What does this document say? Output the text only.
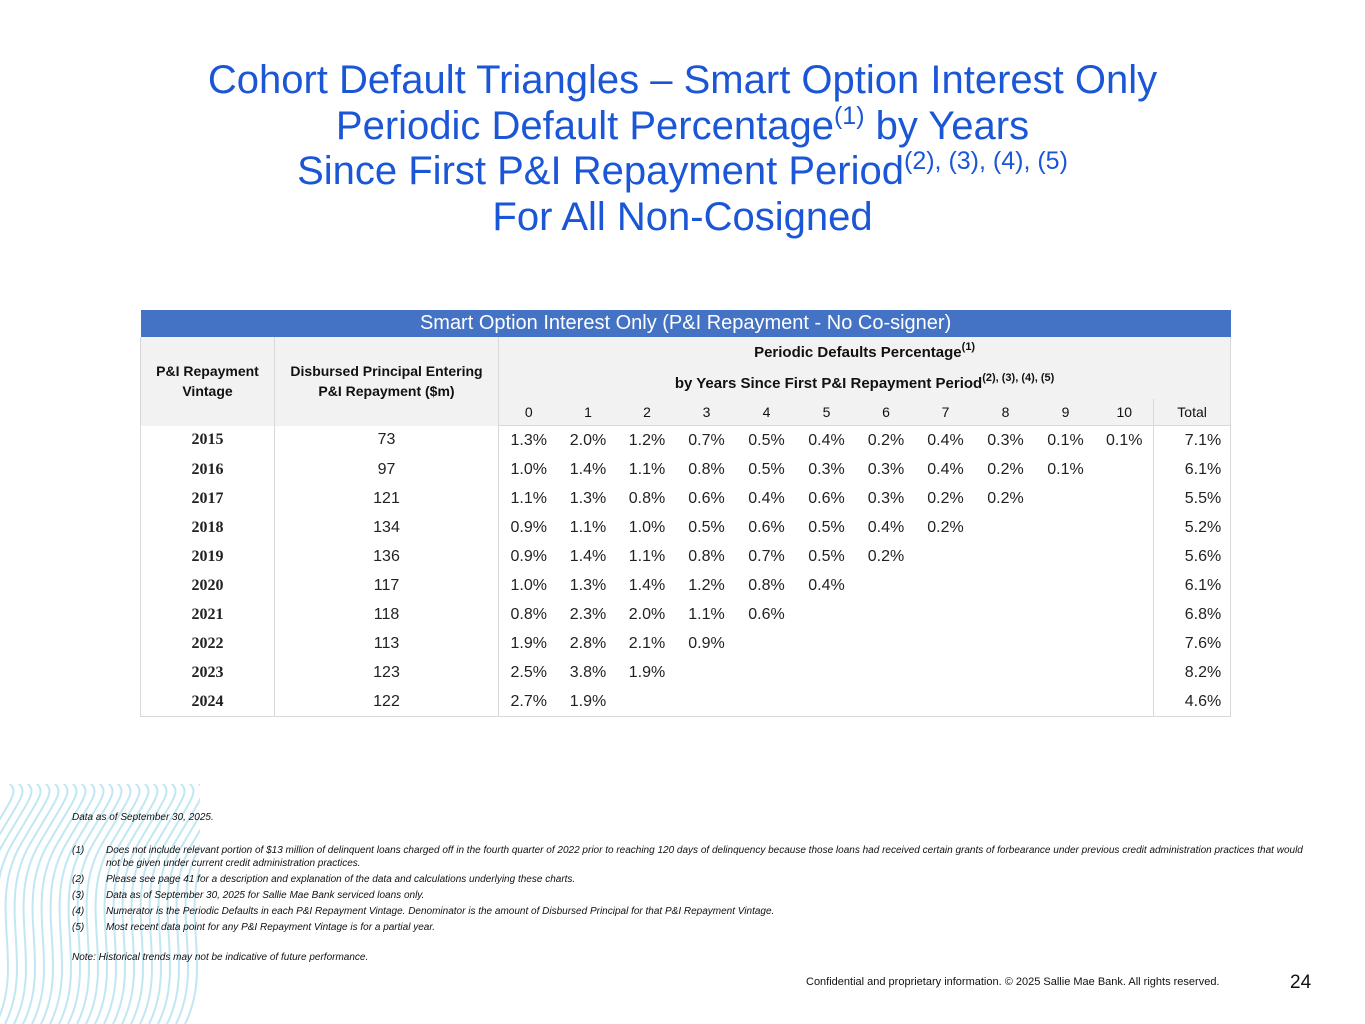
Cohort Default Triangles – Smart Option Interest Only
Periodic Default Percentage$^{(1)}$ by Years
Since First P&I Repayment Period$^{(2), (3), (4), (5)}$
For All Non-Cosigned
Smart Option Interest Only (P&I Repayment - No Co-signer)													
P&I Repayment Vintage	Disbursed Principal Entering P&I Repayment ($m)	Periodic Defaults Percentage$^{(1)}$
		by Years Since First P&I Repayment Period$^{(2), (3), (4), (5)}$
		0	1	2	3	4	5	6	7	8	9	10	Total
2015	73	1.3%	2.0%	1.2%	0.7%	0.5%	0.4%	0.2%	0.4%	0.3%	0.1%	0.1%	7.1%
2016	97	1.0%	1.4%	1.1%	0.8%	0.5%	0.3%	0.3%	0.4%	0.2%	0.1%		6.1%
2017	121	1.1%	1.3%	0.8%	0.6%	0.4%	0.6%	0.3%	0.2%	0.2%			5.5%
2018	134	0.9%	1.1%	1.0%	0.5%	0.6%	0.5%	0.4%	0.2%				5.2%
2019	136	0.9%	1.4%	1.1%	0.8%	0.7%	0.5%	0.2%					5.6%
2020	117	1.0%	1.3%	1.4%	1.2%	0.8%	0.4%						6.1%
2021	118	0.8%	2.3%	2.0%	1.1%	0.6%							6.8%
2022	113	1.9%	2.8%	2.1%	0.9%								7.6%
2023	123	2.5%	3.8%	1.9%									8.2%
2024	122	2.7%	1.9%										4.6%
Data as of September 30, 2025.
(1)	Does not include relevant portion of $13 million of delinquent loans charged off in the fourth quarter of 2022 prior to reaching 120 days of delinquency because those loans had received certain grants of forbearance under previous credit administration practices that would not be given under current credit administration practices.
(2)	Please see page 41 for a description and explanation of the data and calculations underlying these charts.
(3)	Data as of September 30, 2025 for Sallie Mae Bank serviced loans only.
(4)	Numerator is the Periodic Defaults in each P&I Repayment Vintage. Denominator is the amount of Disbursed Principal for that P&I Repayment Vintage.
(5)	Most recent data point for any P&I Repayment Vintage is for a partial year.
Note: Historical trends may not be indicative of future performance.
Confidential and proprietary information. © 2025 Sallie Mae Bank. All rights reserved.	24
